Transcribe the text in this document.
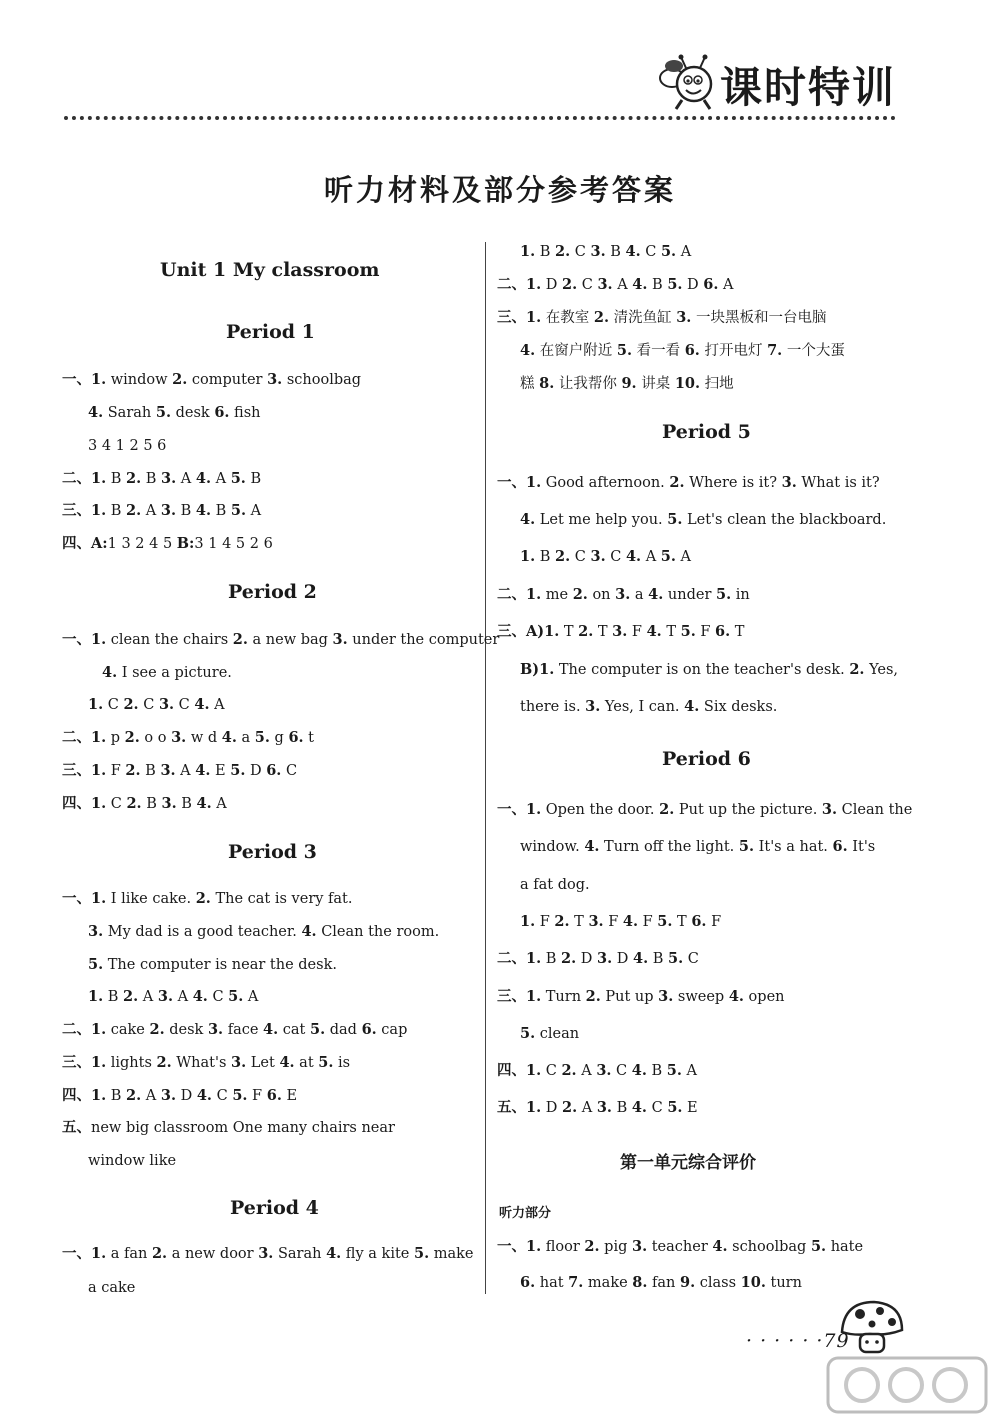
课时特训
听力材料及部分参考答案
Unit 1 My classroom
Period 1
一、1. window 2. computer 3. schoolbag
4. Sarah 5. desk 6. fish
3 4 1 2 5 6
二、1. B 2. B 3. A 4. A 5. B
三、1. B 2. A 3. B 4. B 5. A
四、A:1 3 2 4 5 B:3 1 4 5 2 6
Period 2
一、1. clean the chairs 2. a new bag 3. under the computer
4. I see a picture.
1. C 2. C 3. C 4. A
二、1. p 2. o o 3. w d 4. a 5. g 6. t
三、1. F 2. B 3. A 4. E 5. D 6. C
四、1. C 2. B 3. B 4. A
Period 3
一、1. I like cake. 2. The cat is very fat.
3. My dad is a good teacher. 4. Clean the room.
5. The computer is near the desk.
1. B 2. A 3. A 4. C 5. A
二、1. cake 2. desk 3. face 4. cat 5. dad 6. cap
三、1. lights 2. What's 3. Let 4. at 5. is
四、1. B 2. A 3. D 4. C 5. F 6. E
五、new big classroom One many chairs near
window like
Period 4
一、1. a fan 2. a new door 3. Sarah 4. fly a kite 5. make
a cake
1. B 2. C 3. B 4. C 5. A
二、1. D 2. C 3. A 4. B 5. D 6. A
三、1. 在教室 2. 清洗鱼缸 3. 一块黑板和一台电脑
4. 在窗户附近 5. 看一看 6. 打开电灯 7. 一个大蛋
糕 8. 让我帮你 9. 讲桌 10. 扫地
Period 5
一、1. Good afternoon. 2. Where is it? 3. What is it?
4. Let me help you. 5. Let's clean the blackboard.
1. B 2. C 3. C 4. A 5. A
二、1. me 2. on 3. a 4. under 5. in
三、A)1. T 2. T 3. F 4. T 5. F 6. T
B)1. The computer is on the teacher's desk. 2. Yes,
there is. 3. Yes, I can. 4. Six desks.
Period 6
一、1. Open the door. 2. Put up the picture. 3. Clean the
window. 4. Turn off the light. 5. It's a hat. 6. It's
a fat dog.
1. F 2. T 3. F 4. F 5. T 6. F
二、1. B 2. D 3. D 4. B 5. C
三、1. Turn 2. Put up 3. sweep 4. open
5. clean
四、1. C 2. A 3. C 4. B 5. A
五、1. D 2. A 3. B 4. C 5. E
第一单元综合评价
听力部分
一、1. floor 2. pig 3. teacher 4. schoolbag 5. hate
6. hat 7. make 8. fan 9. class 10. turn
· · · · · ·79
